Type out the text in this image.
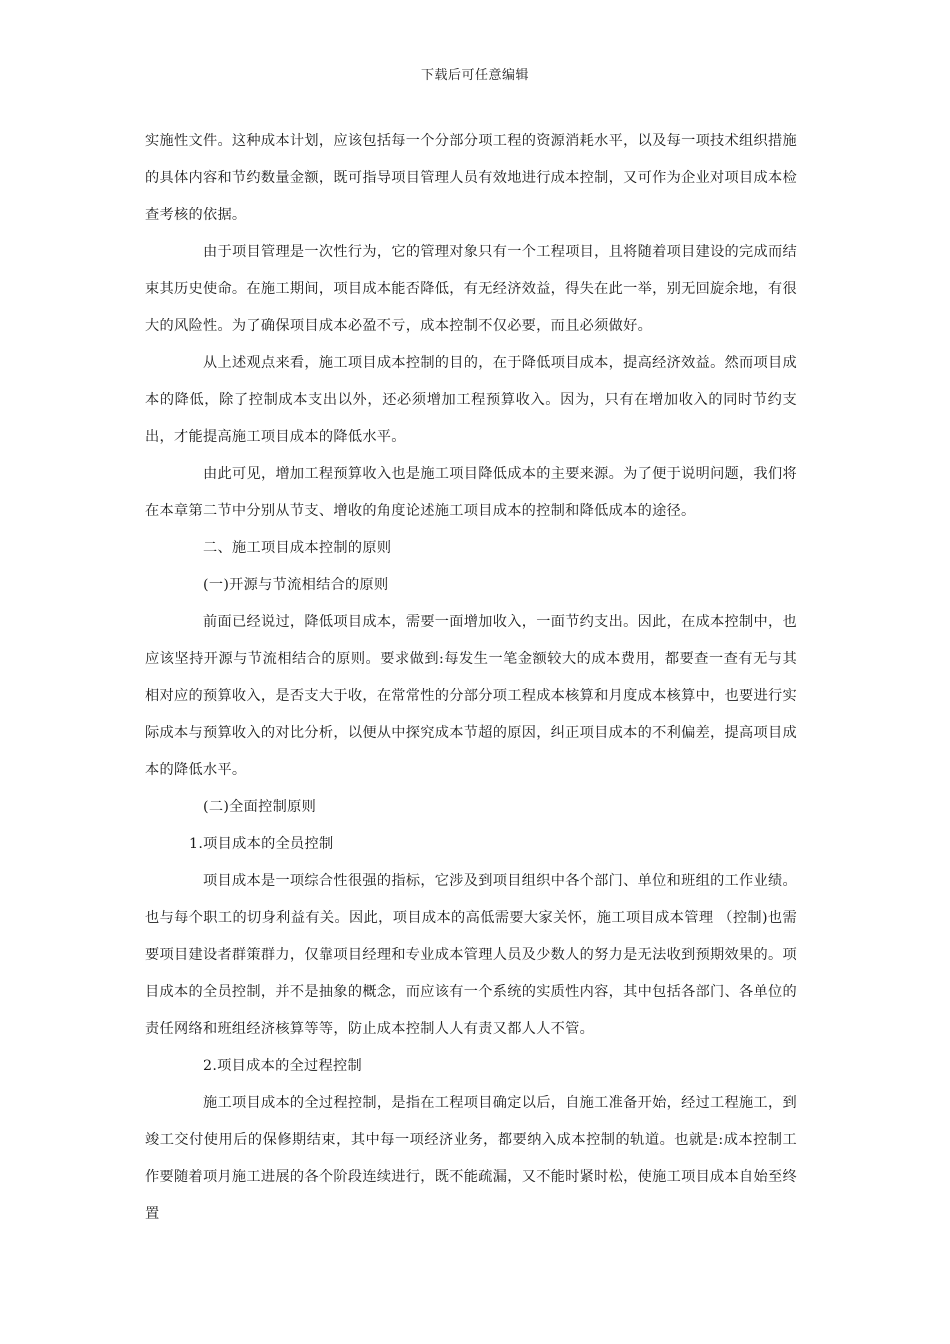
下载后可任意编辑

实施性文件。这种成本计划，应该包括每一个分部分项工程的资源消耗水平，以及每一项技术组织措施的具体内容和节约数量金额，既可指导项目管理人员有效地进行成本控制，又可作为企业对项目成本检查考核的依据。

由于项目管理是一次性行为，它的管理对象只有一个工程项目，且将随着项目建设的完成而结束其历史使命。在施工期间，项目成本能否降低，有无经济效益，得失在此一举，别无回旋余地，有很大的风险性。为了确保项目成本必盈不亏，成本控制不仅必要，而且必须做好。

从上述观点来看，施工项目成本控制的目的，在于降低项目成本，提高经济效益。然而项目成本的降低，除了控制成本支出以外，还必须增加工程预算收入。因为，只有在增加收入的同时节约支出，才能提高施工项目成本的降低水平。

由此可见，增加工程预算收入也是施工项目降低成本的主要来源。为了便于说明问题，我们将在本章第二节中分别从节支、增收的角度论述施工项目成本的控制和降低成本的途径。

二、施工项目成本控制的原则

(一)开源与节流相结合的原则

前面已经说过，降低项目成本，需要一面增加收入，一面节约支出。因此，在成本控制中，也应该坚持开源与节流相结合的原则。要求做到:每发生一笔金额较大的成本费用，都要查一查有无与其相对应的预算收入，是否支大于收，在常常性的分部分项工程成本核算和月度成本核算中，也要进行实际成本与预算收入的对比分析，以便从中探究成本节超的原因，纠正项目成本的不利偏差，提高项目成本的降低水平。

(二)全面控制原则

1.项目成本的全员控制

项目成本是一项综合性很强的指标，它涉及到项目组织中各个部门、单位和班组的工作业绩。也与每个职工的切身利益有关。因此，项目成本的高低需要大家关怀，施工项目成本管理 （控制)也需要项目建设者群策群力，仅靠项目经理和专业成本管理人员及少数人的努力是无法收到预期效果的。项目成本的全员控制，并不是抽象的概念，而应该有一个系统的实质性内容，其中包括各部门、各单位的责任网络和班组经济核算等等，防止成本控制人人有责又都人人不管。

2.项目成本的全过程控制

施工项目成本的全过程控制，是指在工程项目确定以后，自施工准备开始，经过工程施工，到竣工交付使用后的保修期结束，其中每一项经济业务，都要纳入成本控制的轨道。也就是:成本控制工作要随着项月施工进展的各个阶段连续进行，既不能疏漏，又不能时紧时松，使施工项目成本自始至终置
